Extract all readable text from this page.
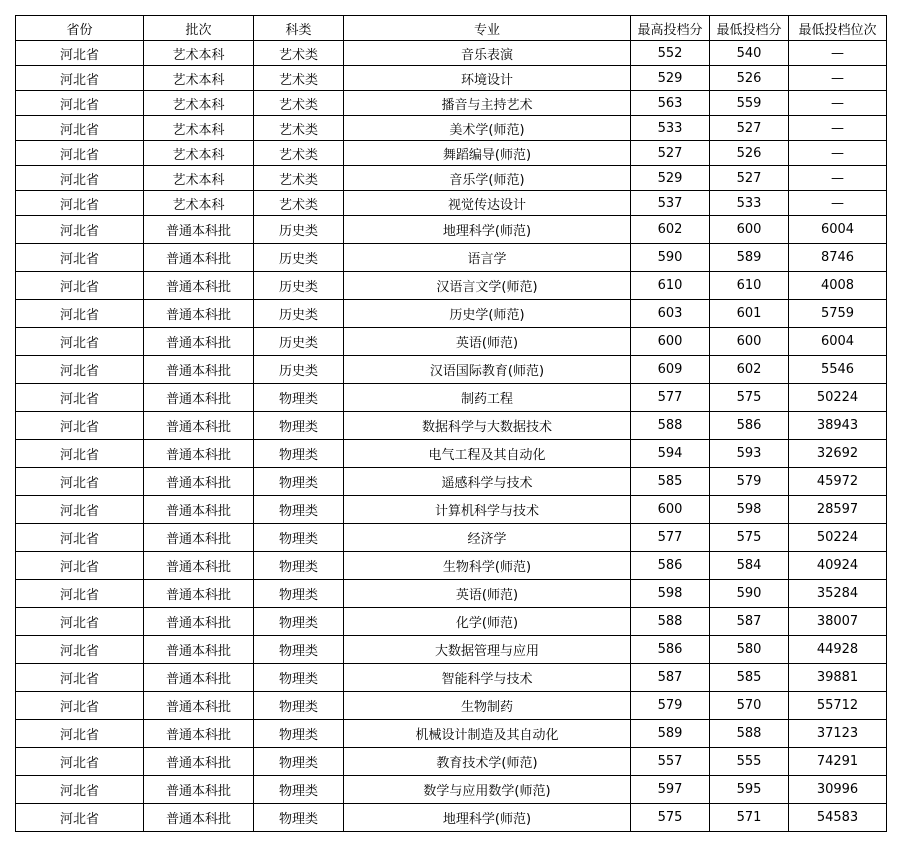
省份	批次	科类	专业	最高投档分	最低投档分	最低投档位次
河北省	艺术本科	艺术类	音乐表演	552	540	—
河北省	艺术本科	艺术类	环境设计	529	526	—
河北省	艺术本科	艺术类	播音与主持艺术	563	559	—
河北省	艺术本科	艺术类	美术学(师范)	533	527	—
河北省	艺术本科	艺术类	舞蹈编导(师范)	527	526	—
河北省	艺术本科	艺术类	音乐学(师范)	529	527	—
河北省	艺术本科	艺术类	视觉传达设计	537	533	—
河北省	普通本科批	历史类	地理科学(师范)	602	600	6004
河北省	普通本科批	历史类	语言学	590	589	8746
河北省	普通本科批	历史类	汉语言文学(师范)	610	610	4008
河北省	普通本科批	历史类	历史学(师范)	603	601	5759
河北省	普通本科批	历史类	英语(师范)	600	600	6004
河北省	普通本科批	历史类	汉语国际教育(师范)	609	602	5546
河北省	普通本科批	物理类	制药工程	577	575	50224
河北省	普通本科批	物理类	数据科学与大数据技术	588	586	38943
河北省	普通本科批	物理类	电气工程及其自动化	594	593	32692
河北省	普通本科批	物理类	遥感科学与技术	585	579	45972
河北省	普通本科批	物理类	计算机科学与技术	600	598	28597
河北省	普通本科批	物理类	经济学	577	575	50224
河北省	普通本科批	物理类	生物科学(师范)	586	584	40924
河北省	普通本科批	物理类	英语(师范)	598	590	35284
河北省	普通本科批	物理类	化学(师范)	588	587	38007
河北省	普通本科批	物理类	大数据管理与应用	586	580	44928
河北省	普通本科批	物理类	智能科学与技术	587	585	39881
河北省	普通本科批	物理类	生物制药	579	570	55712
河北省	普通本科批	物理类	机械设计制造及其自动化	589	588	37123
河北省	普通本科批	物理类	教育技术学(师范)	557	555	74291
河北省	普通本科批	物理类	数学与应用数学(师范)	597	595	30996
河北省	普通本科批	物理类	地理科学(师范)	575	571	54583
